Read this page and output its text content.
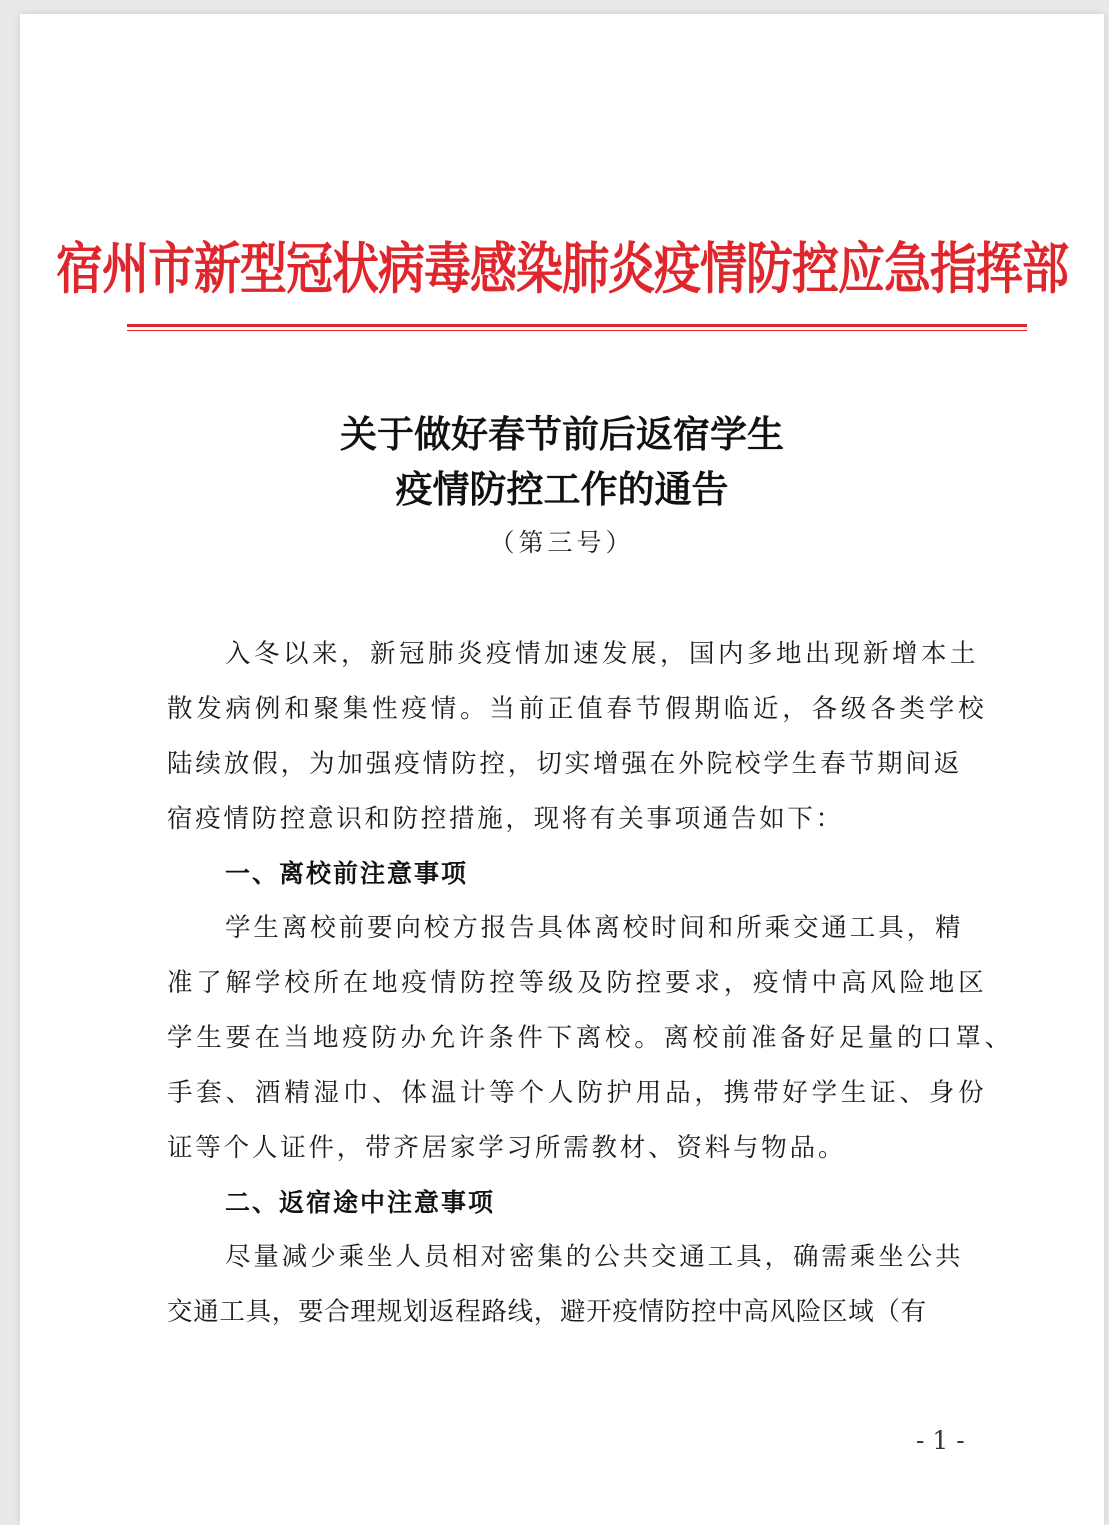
宿州市新型冠状病毒感染肺炎疫情防控应急指挥部
关于做好春节前后返宿学生
疫情防控工作的通告
（第三号）
入冬以来，新冠肺炎疫情加速发展，国内多地出现新增本土
散发病例和聚集性疫情。当前正值春节假期临近，各级各类学校
陆续放假，为加强疫情防控，切实增强在外院校学生春节期间返
宿疫情防控意识和防控措施，现将有关事项通告如下：
一、离校前注意事项
学生离校前要向校方报告具体离校时间和所乘交通工具，精
准了解学校所在地疫情防控等级及防控要求，疫情中高风险地区
学生要在当地疫防办允许条件下离校。离校前准备好足量的口罩、
手套、酒精湿巾、体温计等个人防护用品，携带好学生证、身份
证等个人证件，带齐居家学习所需教材、资料与物品。
二、返宿途中注意事项
尽量减少乘坐人员相对密集的公共交通工具，确需乘坐公共
交通工具，要合理规划返程路线，避开疫情防控中高风险区域（有
- 1 -
